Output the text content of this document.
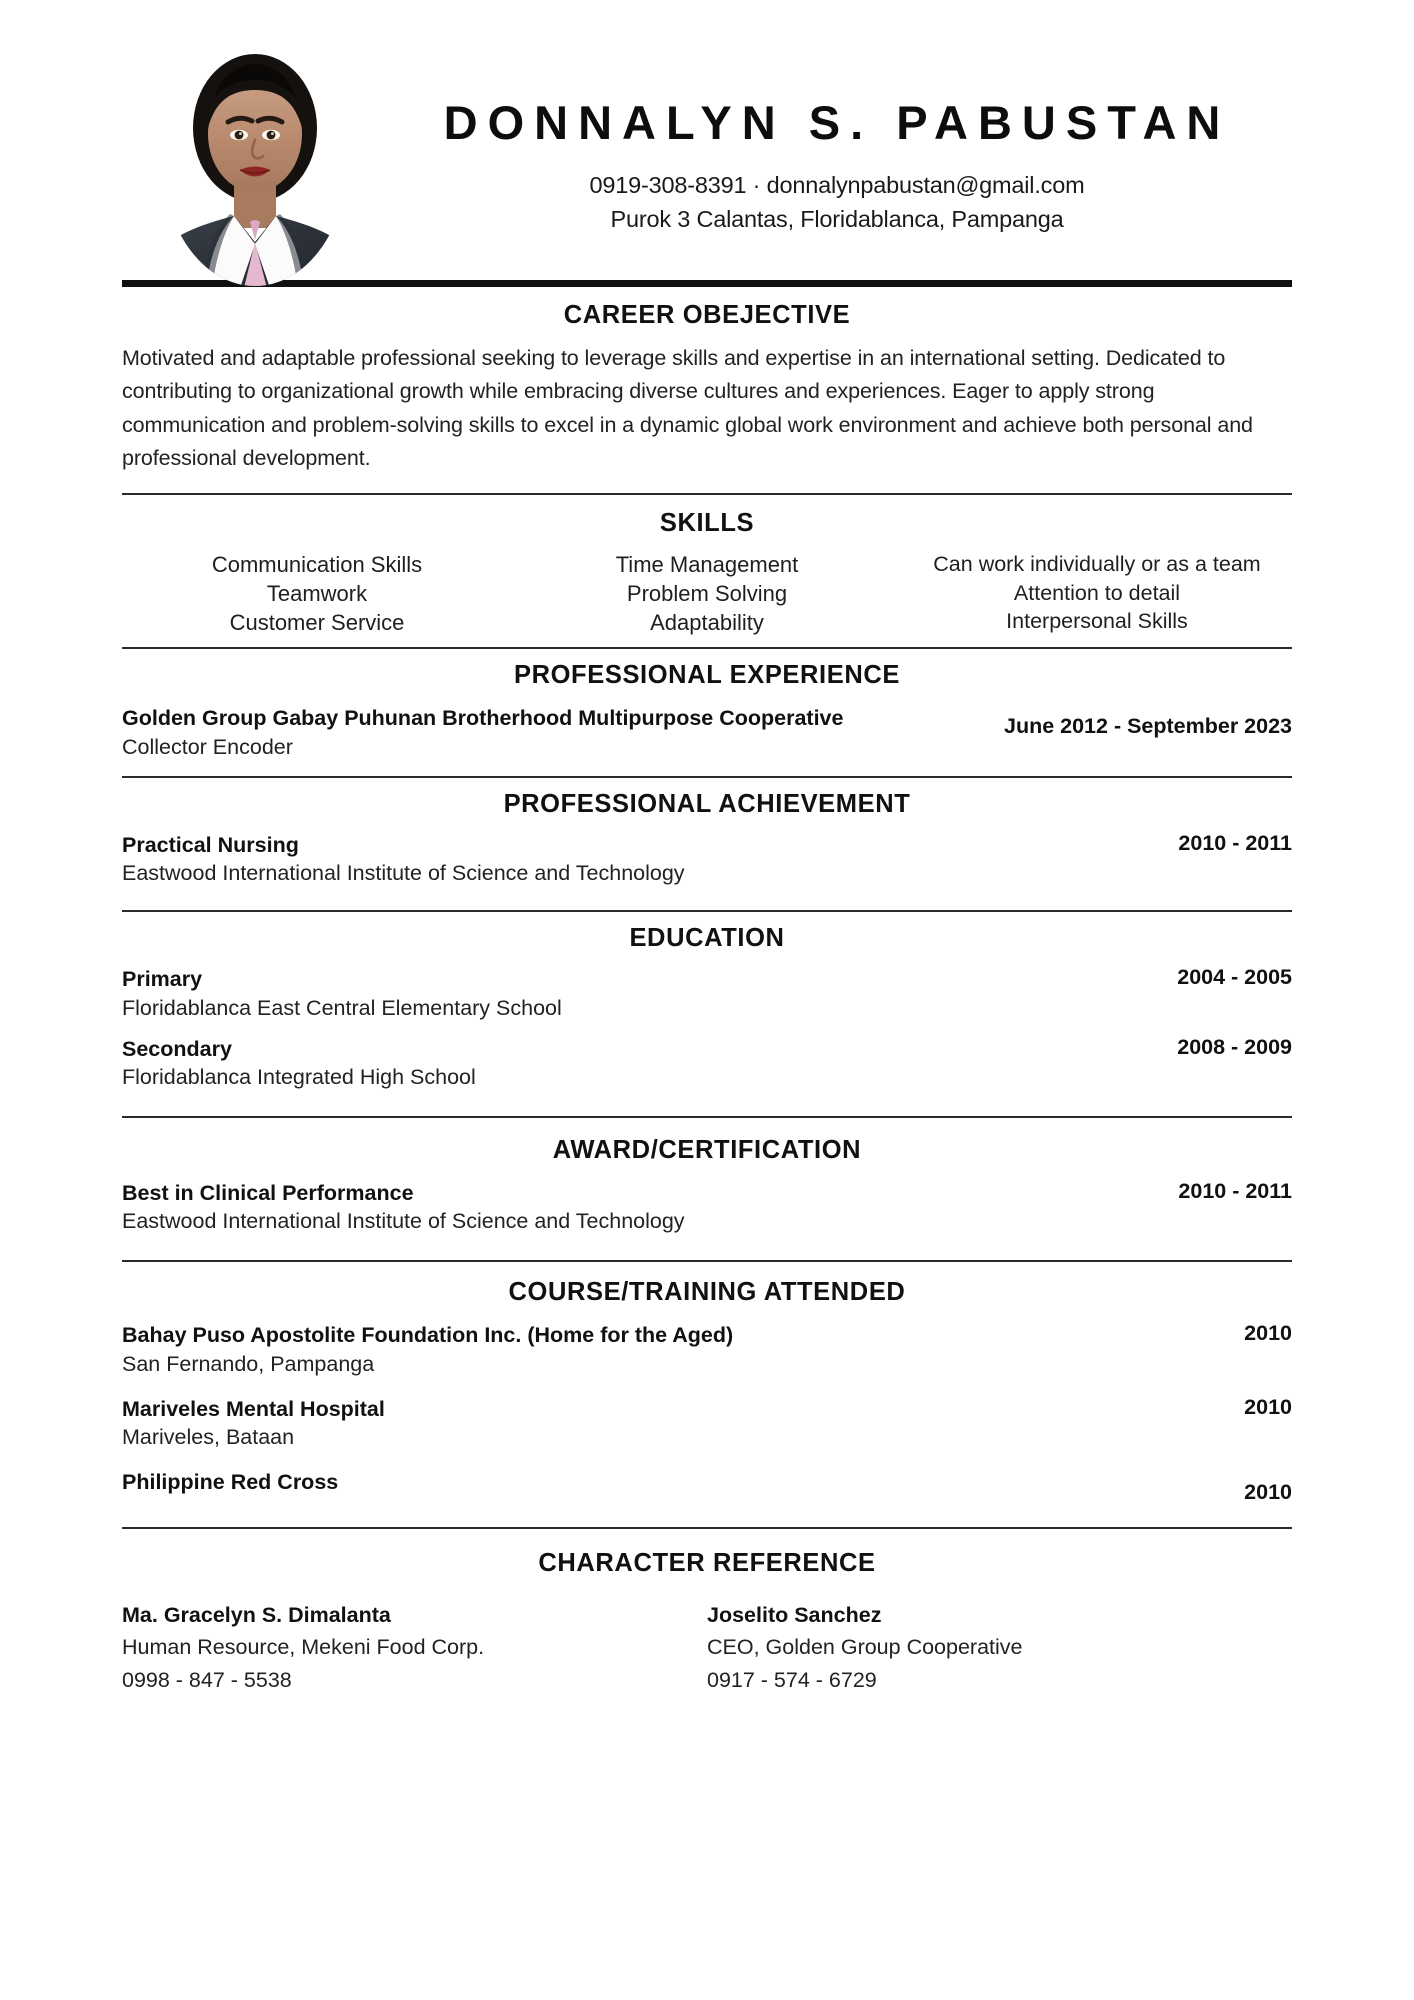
DONNALYN S. PABUSTAN
0919-308-8391 · donnalynpabustan@gmail.com
Purok 3 Calantas, Floridablanca, Pampanga
CAREER OBEJECTIVE
Motivated and adaptable professional seeking to leverage skills and expertise in an international setting. Dedicated to contributing to organizational growth while embracing diverse cultures and experiences. Eager to apply strong communication and problem-solving skills to excel in a dynamic global work environment and achieve both personal and professional development.
SKILLS
Communication Skills
Teamwork
Customer Service
Time Management
Problem Solving
Adaptability
Can work individually or as a team
Attention to detail
Interpersonal Skills
PROFESSIONAL EXPERIENCE
Golden Group Gabay Puhunan Brotherhood Multipurpose Cooperative
Collector Encoder
June 2012 - September 2023
PROFESSIONAL ACHIEVEMENT
Practical Nursing
Eastwood International Institute of Science and Technology
2010 - 2011
EDUCATION
Primary
Floridablanca East Central Elementary School
2004 - 2005
Secondary
Floridablanca Integrated High School
2008 - 2009
AWARD/CERTIFICATION
Best in Clinical Performance
Eastwood International Institute of Science and Technology
2010 - 2011
COURSE/TRAINING ATTENDED
Bahay Puso Apostolite Foundation Inc. (Home for the Aged)
San Fernando, Pampanga
2010
Mariveles Mental Hospital
Mariveles, Bataan
2010
Philippine Red Cross	2010
CHARACTER REFERENCE
Ma. Gracelyn S. Dimalanta
Human Resource, Mekeni Food Corp.
0998 - 847 - 5538
Joselito Sanchez
CEO, Golden Group Cooperative
0917 - 574 - 6729
